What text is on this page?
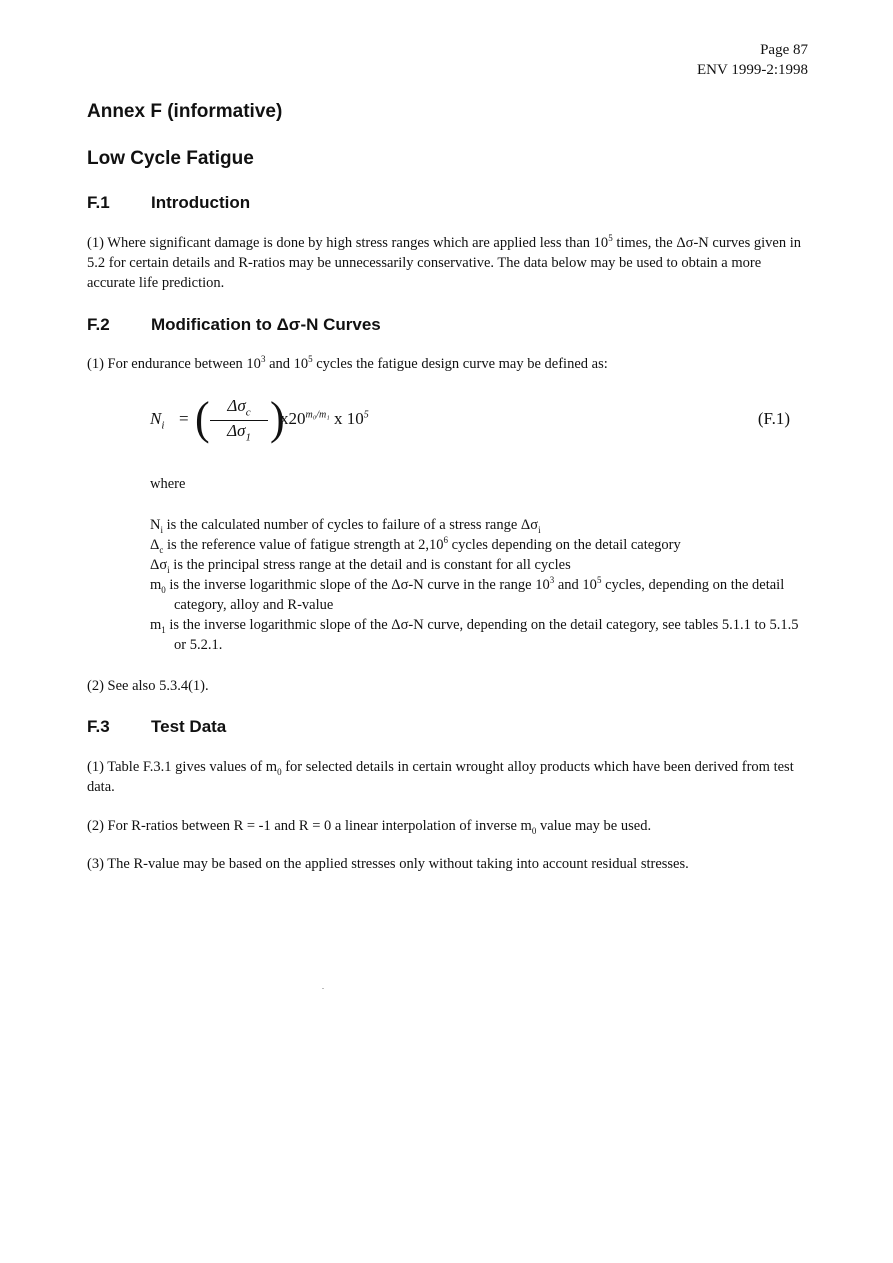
Page 87
ENV 1999-2:1998
Annex F (informative)
Low Cycle Fatigue
F.1 Introduction

(1) Where significant damage is done by high stress ranges which are applied less than $10^5$ times, the Δσ-N curves given in 5.2 for certain details and R-ratios may be unnecessarily conservative. The data below may be used to obtain a more accurate life prediction.

F.2 Modification to Δσ-N Curves

(1) For endurance between $10^3$ and $10^5$ cycles the fatigue design curve may be defined as:

$N_i$ = (	$\Delta\sigma_c$
$\Delta\sigma_1$ )
$x20^{m_0/m_1}$ x $10^5$	(F.1)
where

$N_i$ is the calculated number of cycles to failure of a stress range $\Delta\sigma_i$

$\Delta_c$ is the reference value of fatigue strength at 2,10$^6$ cycles depending on the detail category

$\Delta\sigma_i$ is the principal stress range at the detail and is constant for all cycles

$m_0$ is the inverse logarithmic slope of the Δσ-N curve in the range $10^3$ and $10^5$ cycles, depending on the detail category, alloy and R-value

$m_1$ is the inverse logarithmic slope of the Δσ-N curve, depending on the detail category, see tables 5.1.1 to 5.1.5 or 5.2.1.

(2) See also 5.3.4(1).

F.3 Test Data

(1) Table F.3.1 gives values of $m_0$ for selected details in certain wrought alloy products which have been derived from test data.

(2) For R-ratios between R = -1 and R = 0 a linear interpolation of inverse $m_0$ value may be used.

(3) The R-value may be based on the applied stresses only without taking into account residual stresses.
